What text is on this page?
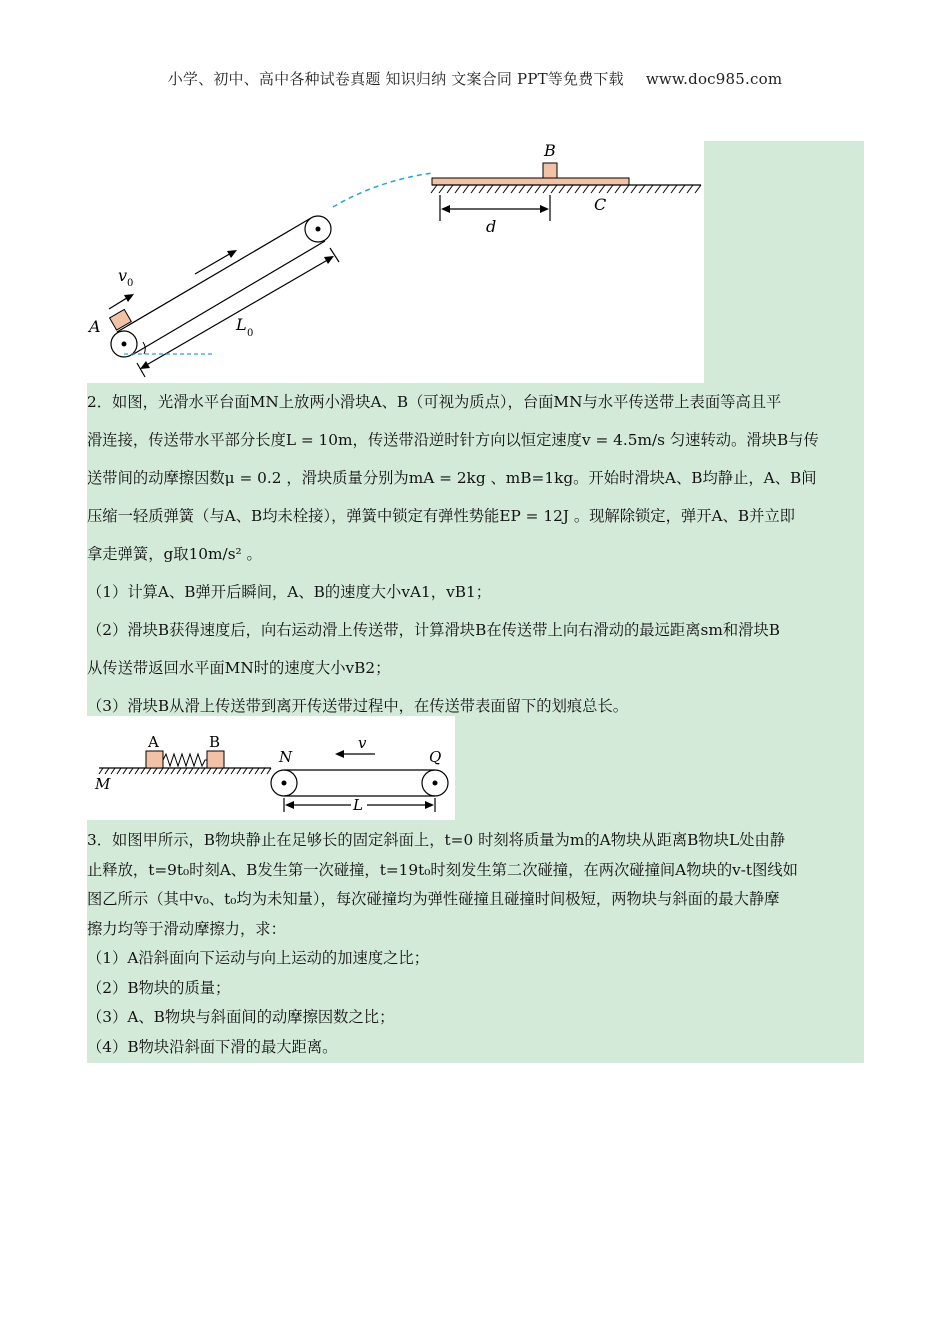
小学、初中、高中各种试卷真题 知识归纳 文案合同 PPT等免费下载 www.doc985.com
A
v 0
L 0
B
C
d

2．如图，光滑水平台面MN上放两小滑块A、B（可视为质点），台面MN与水平传送带上表面等高且平

滑连接，传送带水平部分长度L = 10m，传送带沿逆时针方向以恒定速度v = 4.5m/s 匀速转动。滑块B与传

送带间的动摩擦因数μ = 0.2 ，滑块质量分别为mA = 2kg 、mB=1kg。开始时滑块A、B均静止，A、B间

压缩一轻质弹簧（与A、B均未栓接），弹簧中锁定有弹性势能EP = 12J 。现解除锁定，弹开A、B并立即

拿走弹簧，g取10m/s² 。

（1）计算A、B弹开后瞬间，A、B的速度大小vA1，vB1；

（2）滑块B获得速度后，向右运动滑上传送带，计算滑块B在传送带上向右滑动的最远距离sm和滑块B

从传送带返回水平面MN时的速度大小vB2；

（3）滑块B从滑上传送带到离开传送带过程中，在传送带表面留下的划痕总长。

A	B
M
N	Q
v
L

3．如图甲所示，B物块静止在足够长的固定斜面上，t=0 时刻将质量为m的A物块从距离B物块L处由静

止释放，t=9t₀时刻A、B发生第一次碰撞，t=19t₀时刻发生第二次碰撞，在两次碰撞间A物块的v-t图线如

图乙所示（其中v₀、t₀均为未知量），每次碰撞均为弹性碰撞且碰撞时间极短，两物块与斜面的最大静摩

擦力均等于滑动摩擦力，求：

（1）A沿斜面向下运动与向上运动的加速度之比；

（2）B物块的质量；

（3）A、B物块与斜面间的动摩擦因数之比；

（4）B物块沿斜面下滑的最大距离。
